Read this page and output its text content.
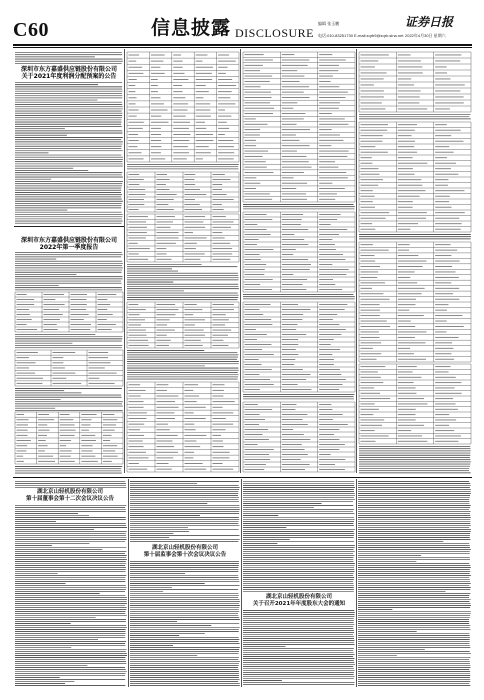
C60	信息披露 DISCLOSURE
编辑 张玉鹏
电话:010-83251730 E-mail:zqrb9@zqrb.sina.net 2022年4月30日 星期六
证券日报
深圳市东方嘉盛供应链股份有限公司
关于2021年度利润分配预案的公告
深圳市东方嘉盛供应链股份有限公司
2022年第一季度报告
湖北京山轻机股份有限公司
第十届董事会第十二次会议决议公告
湖北京山轻机股份有限公司
第十届监事会第十次会议决议公告
湖北京山轻机股份有限公司
关于召开2021年年度股东大会的通知
